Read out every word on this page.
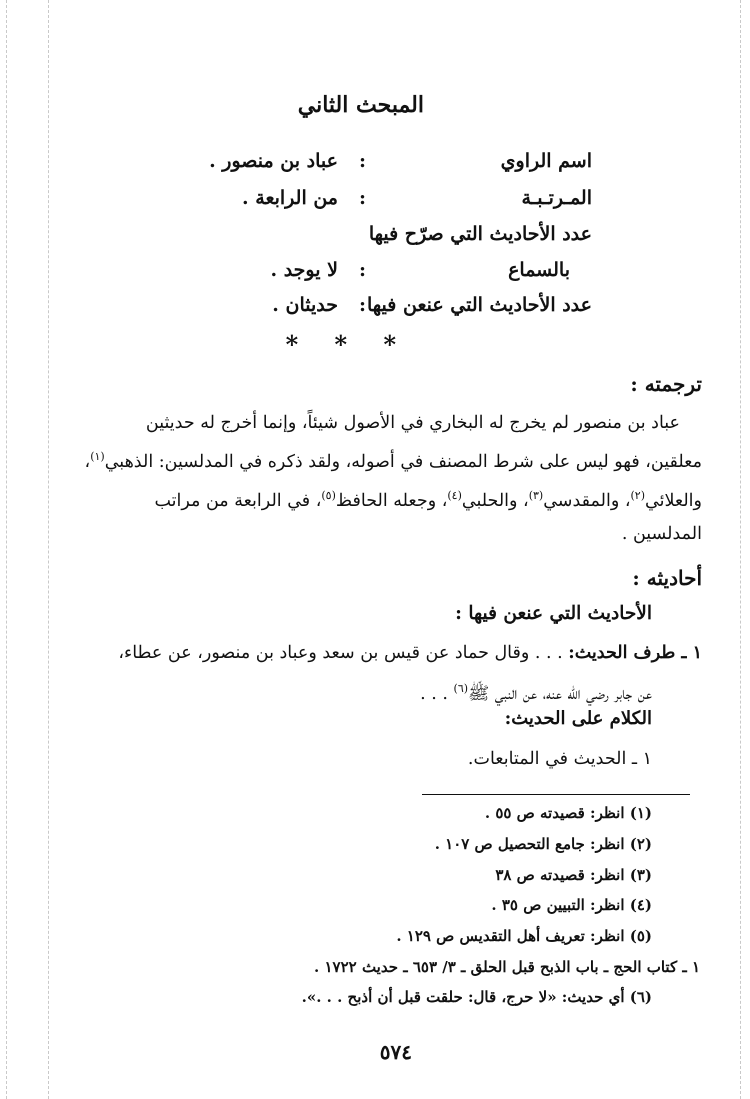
المبحث الثاني
اسم الراوي
:
عباد بن منصور .
المـرتـبـة
:
من الرابعة .
عدد الأحاديث التي صرّح فيها
بالسماع
:
لا يوجد .
عدد الأحاديث التي عنعن فيها
:
حديثان .
* * *
ترجمته :
عباد بن منصور لم يخرج له البخاري في الأصول شيئاً، وإنما أخرج له حديثين
معلقين، فهو ليس على شرط المصنف في أصوله، ولقد ذكره في المدلسين: الذهبي$^{(١)}$،
والعلائي$^{(٢)}$، والمقدسي$^{(٣)}$، والحلبي$^{(٤)}$، وجعله الحافظ$^{(٥)}$، في الرابعة من مراتب
المدلسين .
أحاديثه :
الأحاديث التي عنعن فيها :
١ ـ طرف الحديث: . . . وقال حماد عن قيس بن سعد وعباد بن منصور، عن عطاء،
عن جابر رضي الله عنه، عن النبي ﷺ$^{(٦)}$ . . .
الكلام على الحديث:
١ ـ الحديث في المتابعات.
(١) انظر: قصيدته ص ٥٥ .
(٢) انظر: جامع التحصيل ص ١٠٧ .
(٣) انظر: قصيدته ص ٣٨
(٤) انظر: التبيين ص ٣٥ .
(٥) انظر: تعريف أهل التقديس ص ١٢٩ .
١ ـ كتاب الحج ـ باب الذبح قبل الحلق ـ ٣/ ٦٥٣ ـ حديث ١٧٢٢ .
(٦) أي حديث: «لا حرج، قال: حلقت قبل أن أذبح . . .».
٥٧٤
